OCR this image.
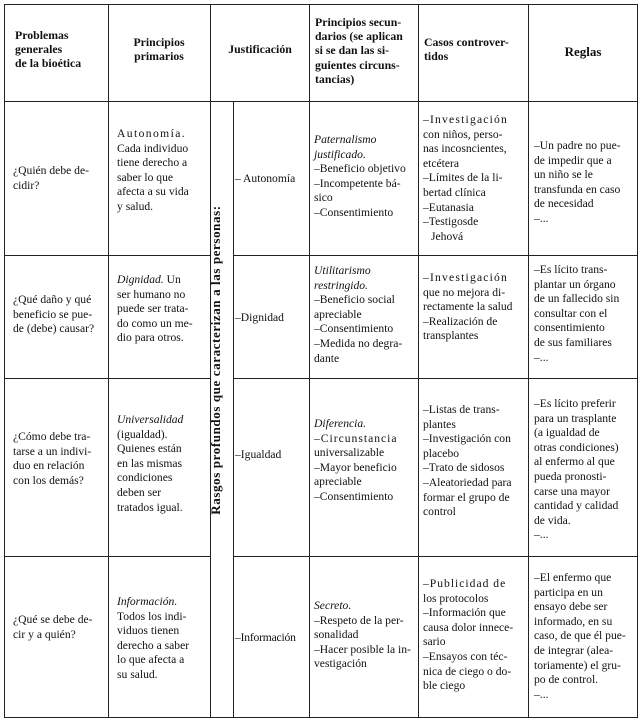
Problemas
generales
de la bioética
Principios
primarios
Justificación
Principios secun-
darios (se aplican
si se dan las si-
guientes circuns-
tancias)
Casos controver-
tidos	Reglas
Rasgos profundos que caracterizan a las personas:
¿Quién debe de-
cidir?
Autonomía.
Cada individuo
tiene derecho a
saber lo que
afecta a su vida
y salud.
– Autonomía
Paternalismo
justificado.
–Beneficio objetivo
–Incompetente bá-
sico
–Consentimiento
–Investigación
con niños, perso-
nas incosncientes,
etcétera
–Límites de la li-
bertad clínica
–Eutanasia
–Testigosde
Jehová
–Un padre no pue-
de impedir que a
un niño se le
transfunda en caso
de necesidad
–...
¿Qué daño y qué
beneficio se pue-
de (debe) causar?
Dignidad. Un
ser humano no
puede ser trata-
do como un me-
dio para otros.
–Dignidad
Utilitarismo
restringido.
–Beneficio social
apreciable
–Consentimiento
–Medida no degra-
dante
–Investigación
que no mejora di-
rectamente la salud
–Realización de
transplantes
–Es lícito trans-
plantar un órgano
de un fallecido sin
consultar con el
consentimiento
de sus familiares
–...
¿Cómo debe tra-
tarse a un indivi-
duo en relación
con los demás?
Universalidad
(igualdad).
Quienes están
en las mismas
condiciones
deben ser
tratados igual.
–Igualdad
Diferencia.
–Circunstancia
universalizable
–Mayor beneficio
apreciable
–Consentimiento
–Listas de trans-
plantes
–Investigación con
placebo
–Trato de sidosos
–Aleatoriedad para
formar el grupo de
control
–Es lícito preferir
para un trasplante
(a igualdad de
otras condiciones)
al enfermo al que
pueda pronosti-
carse una mayor
cantidad y calidad
de vida.
–...
¿Qué se debe de-
cir y a quién?
Información.
Todos los indi-
viduos tienen
derecho a saber
lo que afecta a
su salud.
–Información
Secreto.
–Respeto de la per-
sonalidad
–Hacer posible la in-
vestigación
–Publicidad de
los protocolos
–Información que
causa dolor innece-
sario
–Ensayos con téc-
nica de ciego o do-
ble ciego
–El enfermo que
participa en un
ensayo debe ser
informado, en su
caso, de que él pue-
de integrar (alea-
toriamente) el gru-
po de control.
–...
